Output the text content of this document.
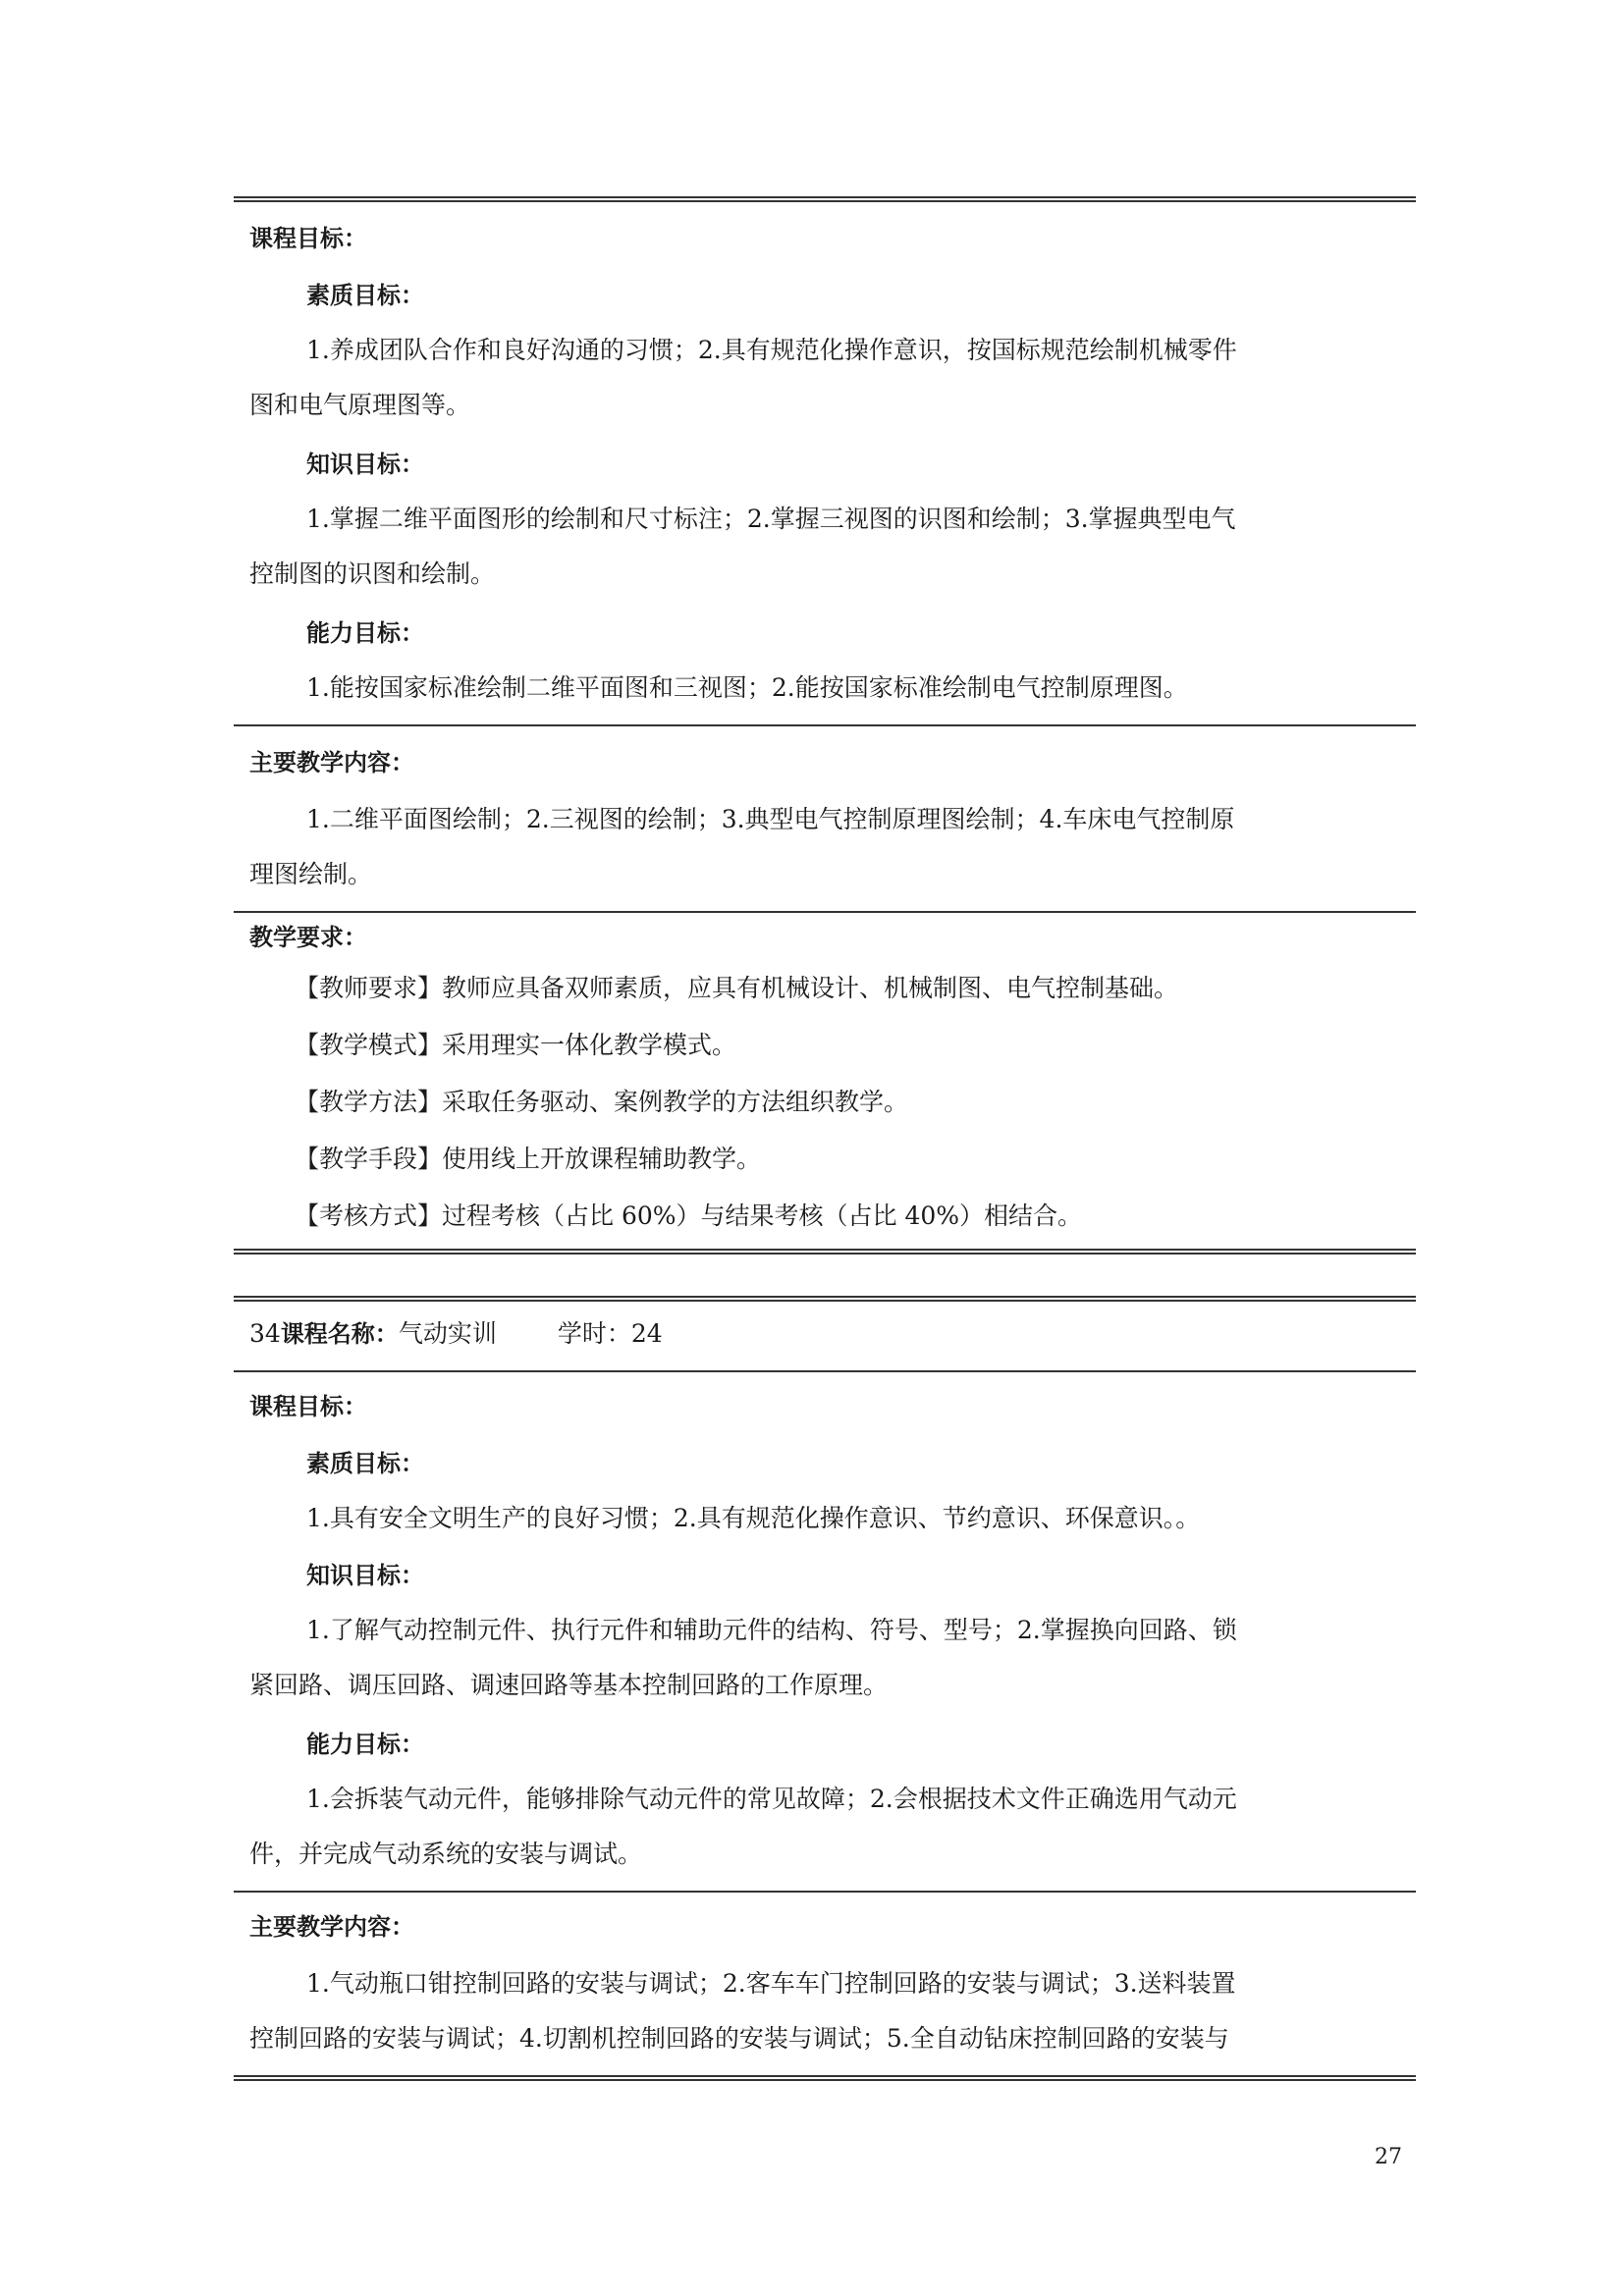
课程目标：
素质目标：
1.养成团队合作和良好沟通的习惯；2.具有规范化操作意识，按国标规范绘制机械零件
图和电气原理图等。
知识目标：
1.掌握二维平面图形的绘制和尺寸标注；2.掌握三视图的识图和绘制；3.掌握典型电气
控制图的识图和绘制。
能力目标：
1.能按国家标准绘制二维平面图和三视图；2.能按国家标准绘制电气控制原理图。
主要教学内容：
1.二维平面图绘制；2.三视图的绘制；3.典型电气控制原理图绘制；4.车床电气控制原
理图绘制。
教学要求：
【教师要求】教师应具备双师素质，应具有机械设计、机械制图、电气控制基础。
【教学模式】采用理实一体化教学模式。
【教学方法】采取任务驱动、案例教学的方法组织教学。
【教学手段】使用线上开放课程辅助教学。
【考核方式】过程考核（占比 60%）与结果考核（占比 40%）相结合。
34课程名称：气动实训 学时：24
课程目标：
素质目标：
1.具有安全文明生产的良好习惯；2.具有规范化操作意识、节约意识、环保意识。。
知识目标：
1.了解气动控制元件、执行元件和辅助元件的结构、符号、型号；2.掌握换向回路、锁
紧回路、调压回路、调速回路等基本控制回路的工作原理。
能力目标：
1.会拆装气动元件，能够排除气动元件的常见故障；2.会根据技术文件正确选用气动元
件，并完成气动系统的安装与调试。
主要教学内容：
1.气动瓶口钳控制回路的安装与调试；2.客车车门控制回路的安装与调试；3.送料装置
控制回路的安装与调试；4.切割机控制回路的安装与调试；5.全自动钻床控制回路的安装与
27
